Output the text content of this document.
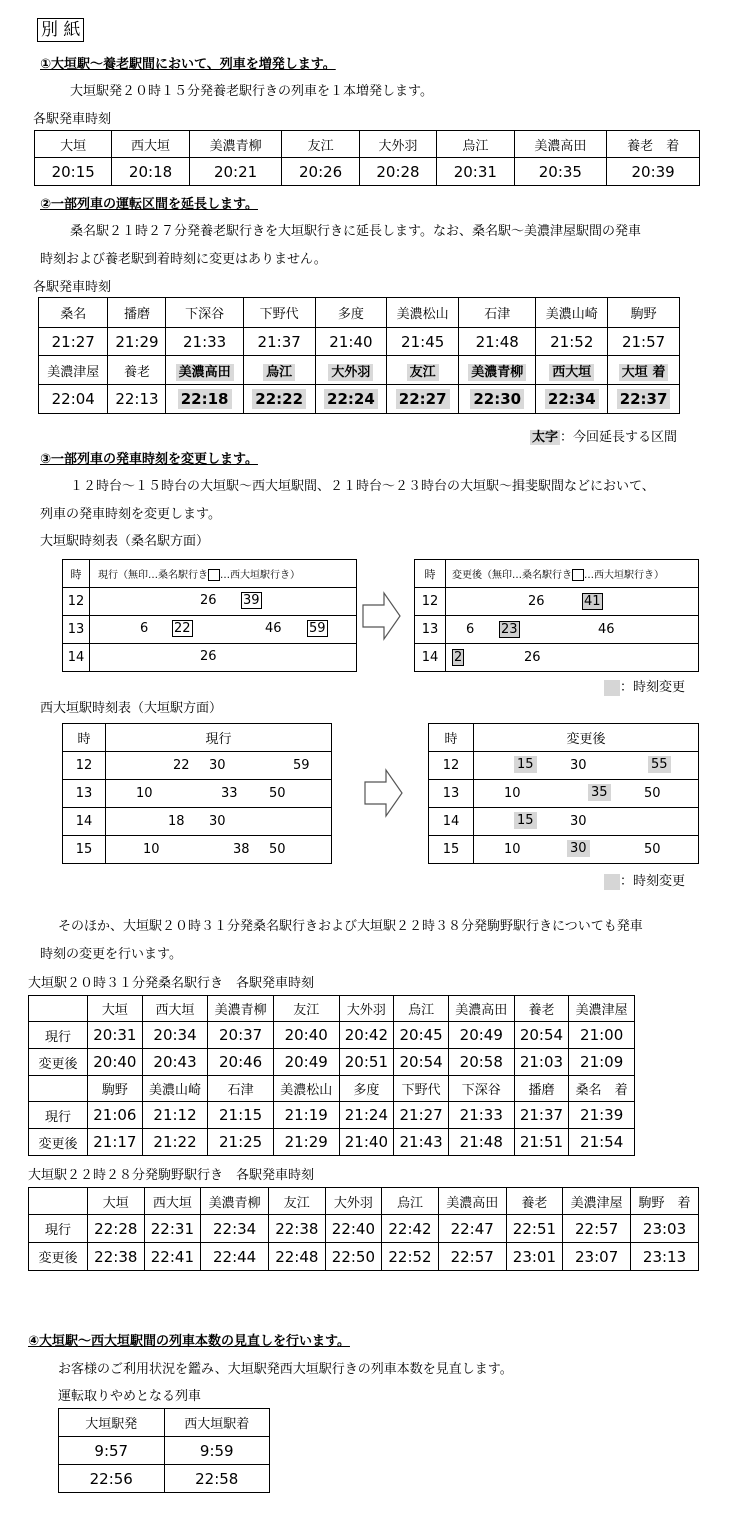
別 紙
①大垣駅～養老駅間において、列車を増発します。
大垣駅発２０時１５分発養老駅行きの列車を１本増発します。
各駅発車時刻
大垣	西大垣	美濃青柳	友江	大外羽	烏江	美濃高田	養老　着
20:15	20:18	20:21	20:26	20:28	20:31	20:35	20:39
②一部列車の運転区間を延長します。
桑名駅２１時２７分発養老駅行きを大垣駅行きに延長します。なお、桑名駅～美濃津屋駅間の発車
時刻および養老駅到着時刻に変更はありません。
各駅発車時刻
桑名	播磨	下深谷	下野代	多度	美濃松山	石津	美濃山崎	駒野
21:27	21:29	21:33	21:37	21:40	21:45	21:48	21:52	21:57
美濃津屋	養老	美濃高田	烏江	大外羽	友江	美濃青柳	西大垣	大垣 着
22:04	22:13	22:18	22:22	22:24	22:27	22:30	22:34	22:37
太字 ：今回延長する区間
③一部列車の発車時刻を変更します。
１２時台～１５時台の大垣駅～西大垣駅間、２１時台～２３時台の大垣駅～揖斐駅間などにおいて、
列車の発車時刻を変更します。
大垣駅時刻表（桑名駅方面）
時	現行（無印…桑名駅行き …西大垣駅行き）
12	26 39

13	6 22 46 59

14	26
時	変更後（無印…桑名駅行き …西大垣駅行き）
12	26 41

13	6 23 46

14	2 26
：時刻変更
西大垣駅時刻表（大垣駅方面）
時	現行
12	22 30 59

13	10 33 50

14	18 30

15	10 38 50
時	変更後
12	15 30 55

13	10 35 50

14	15 30

15	10 30 50
：時刻変更
そのほか、大垣駅２０時３１分発桑名駅行きおよび大垣駅２２時３８分発駒野駅行きについても発車
時刻の変更を行います。
大垣駅２０時３１分発桑名駅行き　各駅発車時刻
	大垣	西大垣	美濃青柳	友江	大外羽	烏江	美濃高田	養老	美濃津屋
現行	20:31	20:34	20:37	20:40	20:42	20:45	20:49	20:54	21:00
変更後	20:40	20:43	20:46	20:49	20:51	20:54	20:58	21:03	21:09
	駒野	美濃山崎	石津	美濃松山	多度	下野代	下深谷	播磨	桑名　着
現行	21:06	21:12	21:15	21:19	21:24	21:27	21:33	21:37	21:39
変更後	21:17	21:22	21:25	21:29	21:40	21:43	21:48	21:51	21:54
大垣駅２２時２８分発駒野駅行き　各駅発車時刻
	大垣	西大垣	美濃青柳	友江	大外羽	烏江	美濃高田	養老	美濃津屋	駒野　着
現行	22:28	22:31	22:34	22:38	22:40	22:42	22:47	22:51	22:57	23:03
変更後	22:38	22:41	22:44	22:48	22:50	22:52	22:57	23:01	23:07	23:13
④大垣駅～西大垣駅間の列車本数の見直しを行います。
お客様のご利用状況を鑑み、大垣駅発西大垣駅行きの列車本数を見直します。
運転取りやめとなる列車
大垣駅発	西大垣駅着
9:57	9:59
22:56	22:58
